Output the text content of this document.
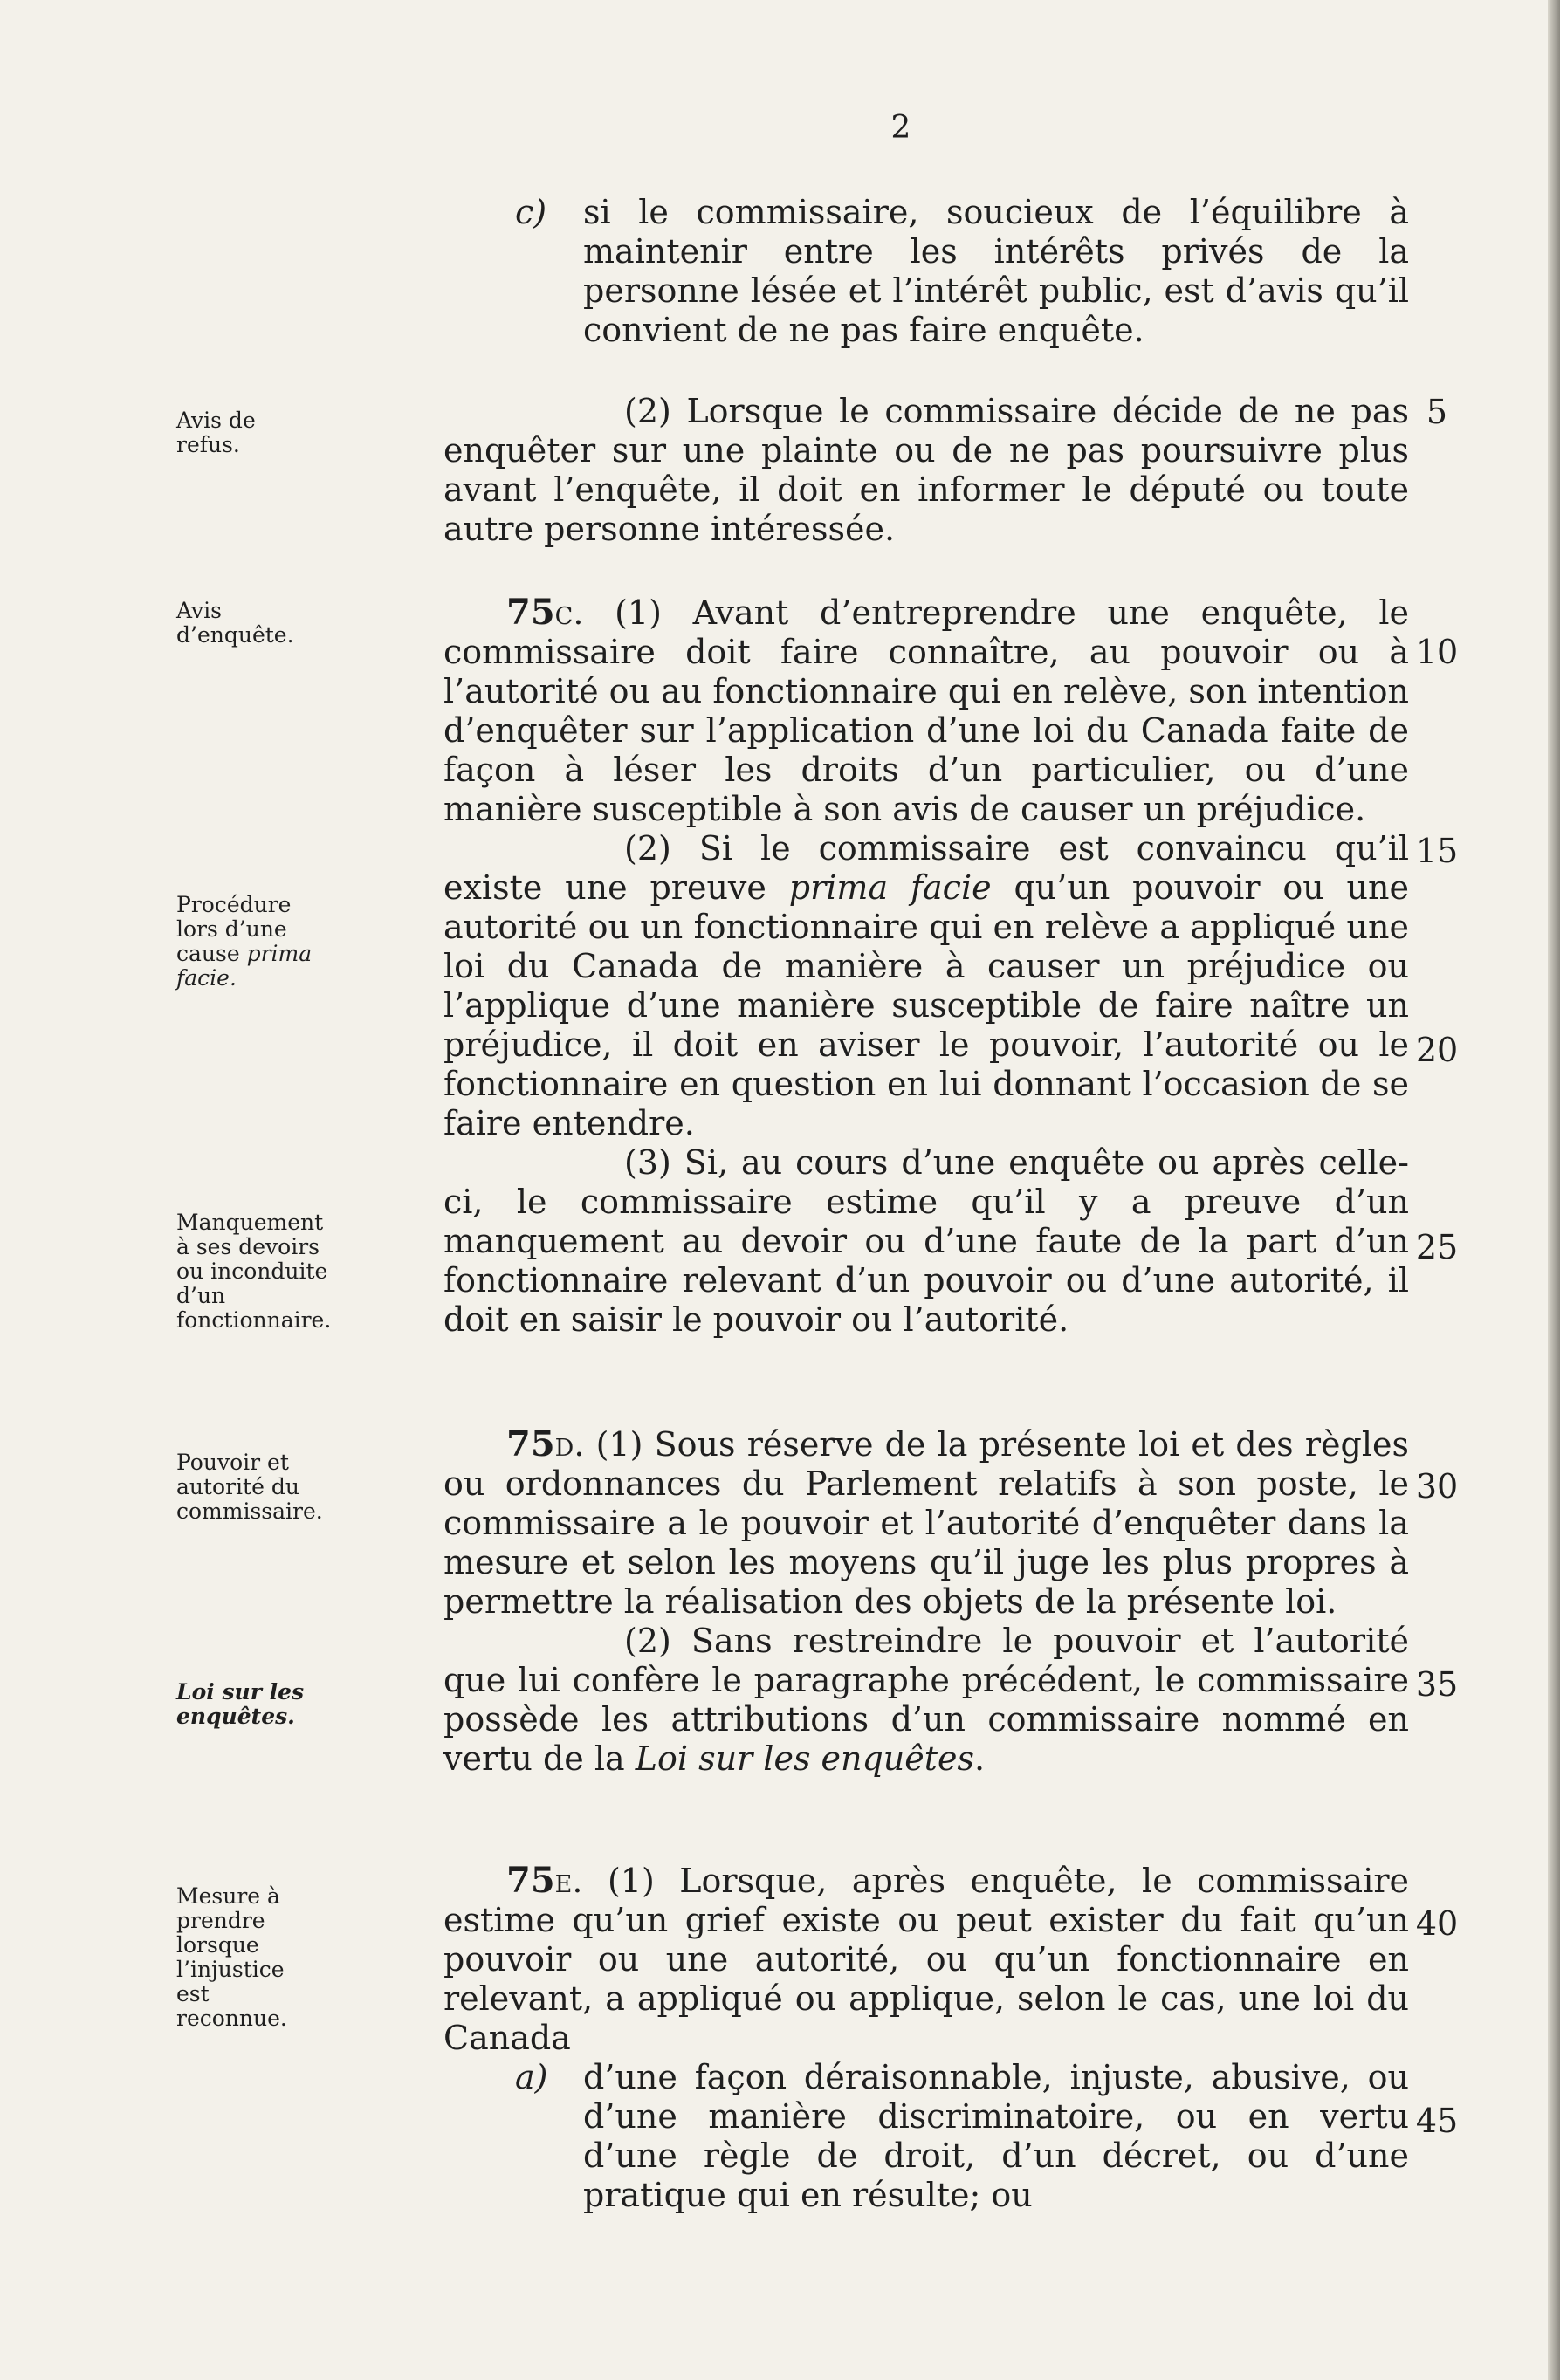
2
c) si le commissaire, soucieux de l’équilibre à maintenir entre les intérêts privés de la personne lésée et l’intérêt public, est d’avis qu’il convient de ne pas faire enquête.

(2) Lorsque le commissaire décide de ne pas enquêter sur une plainte ou de ne pas poursuivre plus avant l’enquête, il doit en informer le député ou toute autre personne intéressée.

75c. (1) Avant d’entreprendre une enquête, le commissaire doit faire connaître, au pouvoir ou à l’autorité ou au fonctionnaire qui en relève, son intention d’enquêter sur l’application d’une loi du Canada faite de façon à léser les droits d’un particulier, ou d’une manière susceptible à son avis de causer un préjudice.

(2) Si le commissaire est convaincu qu’il existe une preuve prima facie qu’un pouvoir ou une autorité ou un fonctionnaire qui en relève a appliqué une loi du Canada de manière à causer un préjudice ou l’applique d’une manière susceptible de faire naître un préjudice, il doit en aviser le pouvoir, l’autorité ou le fonctionnaire en question en lui donnant l’occasion de se faire entendre.

(3) Si, au cours d’une enquête ou après celle-ci, le commissaire estime qu’il y a preuve d’un manquement au devoir ou d’une faute de la part d’un fonctionnaire relevant d’un pouvoir ou d’une autorité, il doit en saisir le pouvoir ou l’autorité.

75d. (1) Sous réserve de la présente loi et des règles ou ordonnances du Parlement relatifs à son poste, le commissaire a le pouvoir et l’autorité d’enquêter dans la mesure et selon les moyens qu’il juge les plus propres à permettre la réalisation des objets de la présente loi.

(2) Sans restreindre le pouvoir et l’autorité que lui confère le paragraphe précédent, le commissaire possède les attributions d’un commissaire nommé en vertu de la Loi sur les enquêtes.

75e. (1) Lorsque, après enquête, le commissaire estime qu’un grief existe ou peut exister du fait qu’un pouvoir ou une autorité, ou qu’un fonctionnaire en relevant, a appliqué ou applique, selon le cas, une loi du Canada

a) d’une façon déraisonnable, injuste, abusive, ou d’une manière discriminatoire, ou en vertu d’une règle de droit, d’un décret, ou d’une pratique qui en résulte; ou

Avis de refus.
Avis d’enquête.
Procédure lors d’une cause prima facie.
Manquement à ses devoirs ou inconduite d’un fonctionnaire.
Pouvoir et autorité du commissaire.
Loi sur les enquêtes.
Mesure à prendre lorsque l’injustice est reconnue.
5
10
15
20
25
30
35
40
45
